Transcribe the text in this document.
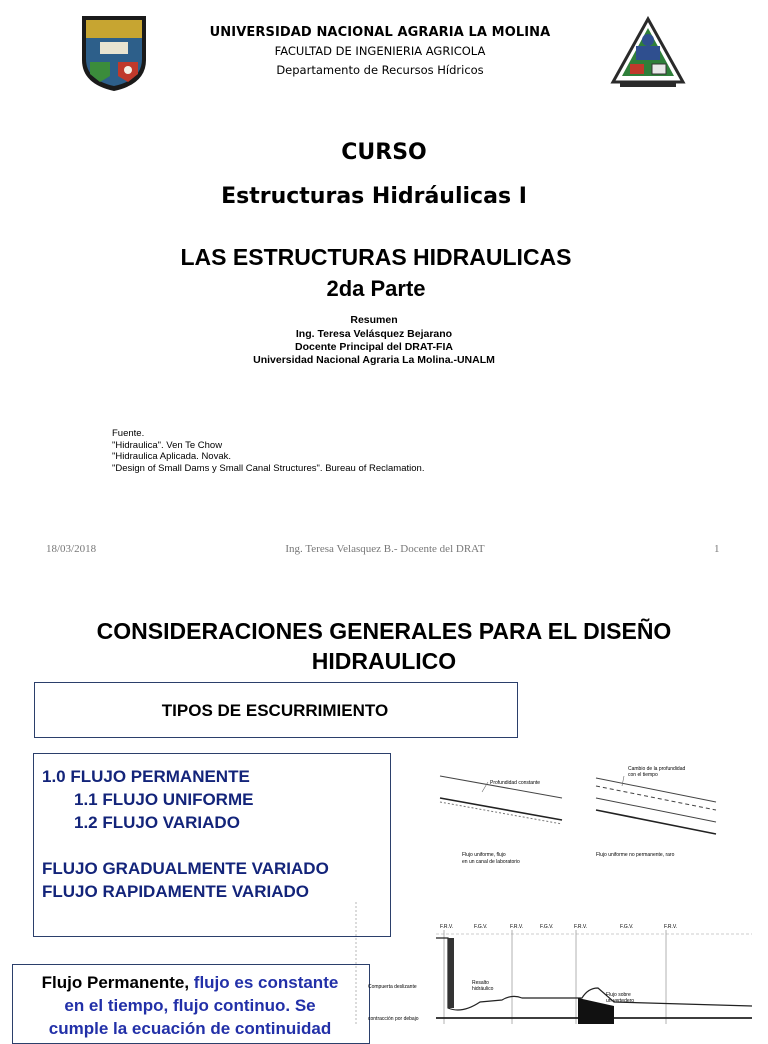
UNIVERSIDAD NACIONAL AGRARIA LA MOLINA
FACULTAD DE INGENIERIA AGRICOLA
Departamento de Recursos Hídricos
CURSO
Estructuras Hidráulicas I
LAS ESTRUCTURAS HIDRAULICAS
2da Parte
Resumen
Ing. Teresa Velásquez Bejarano
Docente Principal del DRAT-FIA
Universidad Nacional Agraria La Molina.-UNALM
Fuente.
"Hidraulica". Ven Te Chow
"Hidraulica Aplicada. Novak.
"Design of Small Dams y Small Canal Structures". Bureau of Reclamation.
18/03/2018	Ing. Teresa Velasquez B.- Docente del DRAT	1
CONSIDERACIONES GENERALES PARA EL DISEÑO
HIDRAULICO
TIPOS DE ESCURRIMIENTO
1.0 FLUJO PERMANENTE
1.1 FLUJO UNIFORME
1.2 FLUJO VARIADO
FLUJO GRADUALMENTE VARIADO
FLUJO RAPIDAMENTE VARIADO
Flujo Permanente, flujo es constante
en el tiempo, flujo continuo. Se
cumple la ecuación de continuidad
Profundidad constante
Flujo uniforme, flujo
en un canal de laboratorio
Cambio de la profundidad
con el tiempo
Flujo uniforme no permanente, raro
F.R.V.	F.G.V.	F.R.V.	F.G.V.	F.R.V.	F.G.V.	F.R.V.
Compuerta deslizante
Resalto
hidráulico
Flujo sobre
un vertedero
contracción por debajo
